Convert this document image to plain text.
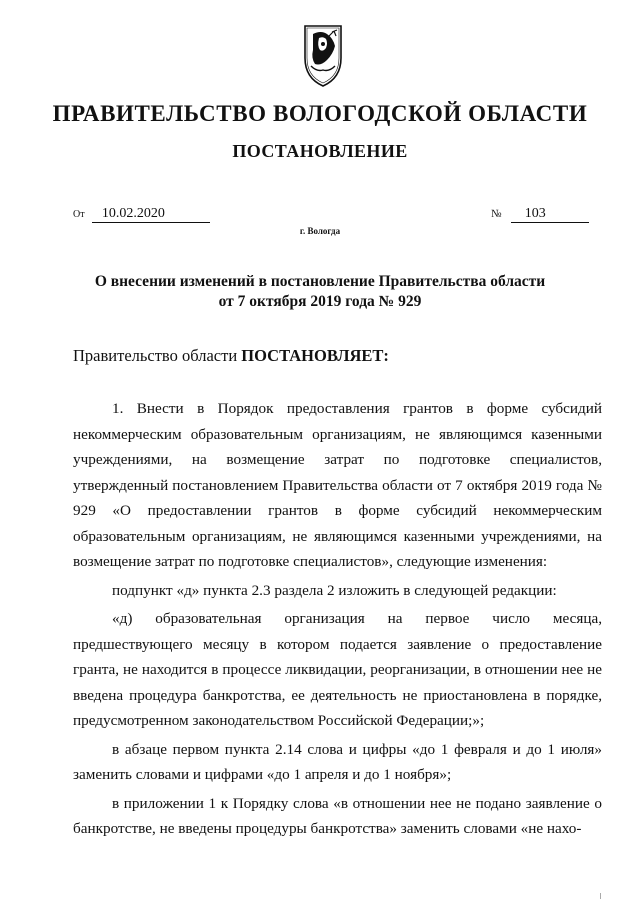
ПРАВИТЕЛЬСТВО ВОЛОГОДСКОЙ ОБЛАСТИ
ПОСТАНОВЛЕНИЕ
От 10.02.2020	№ 103
г. Вологда
О внесении изменений в постановление Правительства области
от 7 октября 2019 года № 929
Правительство области ПОСТАНОВЛЯЕТ:

1. Внести в Порядок предоставления грантов в форме субсидий некоммерческим образовательным организациям, не являющимся казенными учреждениями, на возмещение затрат по подготовке специалистов, утвержденный постановлением Правительства области от 7 октября 2019 года № 929 «О предоставлении грантов в форме субсидий некоммерческим образовательным организациям, не являющимся казенными учреждениями, на возмещение затрат по подготовке специалистов», следующие изменения:

подпункт «д» пункта 2.3 раздела 2 изложить в следующей редакции:

«д) образовательная организация на первое число месяца, предшествующего месяцу в котором подается заявление о предоставление гранта, не находится в процессе ликвидации, реорганизации, в отношении нее не введена процедура банкротства, ее деятельность не приостановлена в порядке, предусмотренном законодательством Российской Федерации;»;

в абзаце первом пункта 2.14 слова и цифры «до 1 февраля и до 1 июля» заменить словами и цифрами «до 1 апреля и до 1 ноября»;

в приложении 1 к Порядку слова «в отношении нее не подано заявление о банкротстве, не введены процедуры банкротства» заменить словами «не нахо-
